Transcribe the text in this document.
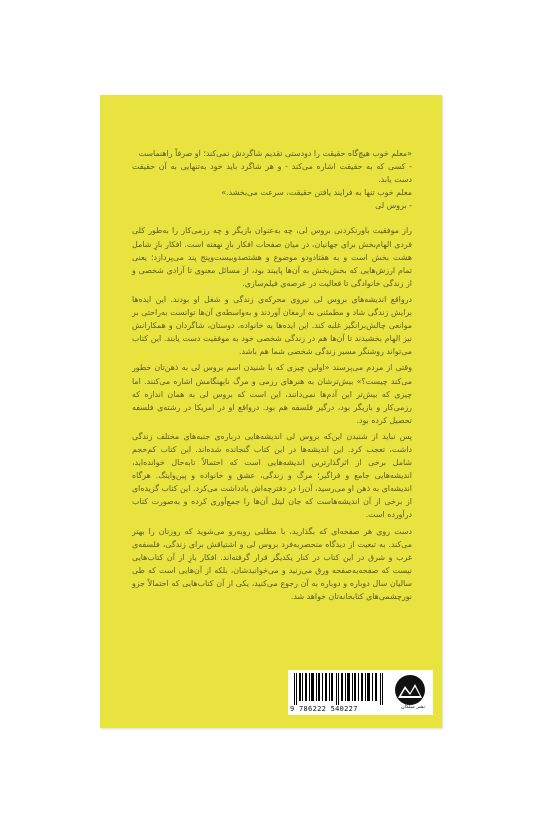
«معلم خوب هیچ‌گاه حقیقت را دودستی تقدیم شاگردش نمی‌کند؛ او صرفاً راهنماست
- کسی که به حقیقت اشاره می‌کند - و هر شاگرد باید خود به‌تنهایی به آن حقیقت دست یابد.
معلم خوب تنها به فرایند یافتن حقیقت، سرعت می‌بخشد.»

- بروس لی

راز موفقیت باورنکردنی بروس لی، چه به‌عنوان بازیگر و چه رزمی‌کار را به‌طور کلی فردی الهام‌بخش برای جهانیان، در میان صفحات افکار بازِ نهفته است. افکار بازِ شامل هشت بخش است و به هفتادودو موضوع و هشتصدوبیست‌وپنج پند می‌پردازد؛ یعنی تمام ارزش‌هایی که بخش‌بخش به آن‌ها پایبند بود، از مسائل معنوی تا آزادی شخصی و از زندگی خانوادگی تا فعالیت در عرصه‌ی فیلم‌سازی.

درواقع اندیشه‌های بروس لی نیروی محرکه‌ی زندگی و شغل او بودند. این ایده‌ها برایش زندگی شاد و مطمئنی به ارمغان آوردند و به‌واسطه‌ی آن‌ها توانست به‌راحتی بر موانعی چالش‌برانگیز غلبه کند. این ایده‌ها به خانواده، دوستان، شاگردان و همکارانش نیز الهام بخشیدند تا آن‌ها هم در زندگی شخصی خود به موفقیت دست یابند. این کتاب می‌تواند روشنگر مسیر زندگی شخصی شما هم باشد.

وقتی از مردم می‌پرسند «اولین چیزی که با شنیدن اسم بروس لی به ذهن‌تان خطور می‌کند چیست؟» بیش‌ترشان به هنرهای رزمی و مرگ نابهنگامش اشاره می‌کنند. اما چیزی که بیش‌تر این آدم‌ها نمی‌دانند، این است که بروس لی به همان اندازه که رزمی‌کار و بازیگر بود، درگیر فلسفه هم بود. درواقع او در امریکا در رشته‌ی فلسفه تحصیل کرده بود.

پس نباید از شنیدن این‌که بروس لی اندیشه‌هایی درباره‌ی جنبه‌های مختلف زندگی داشت، تعجب کرد. این اندیشه‌ها در این کتاب گنجانده شده‌اند. این کتاب کم‌حجم شامل برخی از اثرگذارترین اندیشه‌هایی است که احتمالاً تابه‌حال خوانده‌اید، اندیشه‌هایی جامع و فراگیر؛ مرگ و زندگی، عشق و خانواده و پین‌وایتگ. هرگاه اندیشه‌ای به ذهن او می‌رسید، آن‌را در دفترچه‌اش یادداشت می‌کرد. این کتاب گزیده‌ای از برخی از آن اندیشه‌هاست که جان لیتل آن‌ها را جمع‌آوری کرده و به‌صورت کتاب درآورده است.

دست روی هر صفحه‌ای که بگذارید، با مطلبی روبه‌رو می‌شوید که روزتان را بهتر می‌کند. به تبعیت از دیدگاه منحصربه‌فرد بروس لی و اشتیاقش برای زندگی، فلسفه‌ی غرب و شرق در این کتاب در کنار یکدیگر قرار گرفته‌اند. افکار بازِ از آن کتاب‌هایی نیست که صفحه‌به‌صفحه ورق می‌زنید و می‌خوانیدشان، بلکه از آن‌هایی است که طی سالیان سال دوباره و دوباره به آن رجوع می‌کنید، یکی از آن کتاب‌هایی که احتمالاً جزو نورچشمی‌های کتابخانه‌تان خواهد شد.

9 786222 540227	نشر میلکان
